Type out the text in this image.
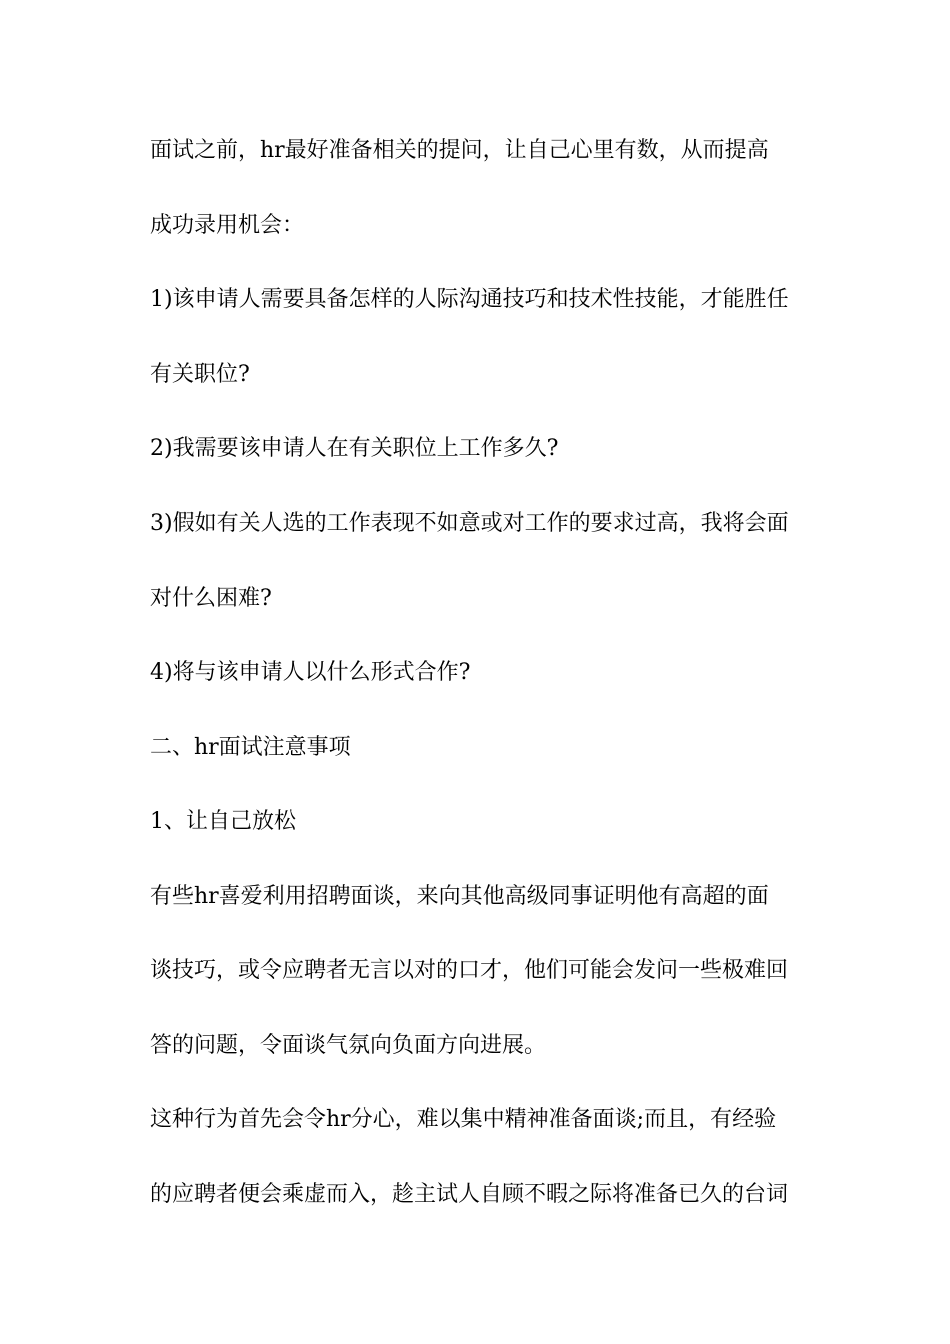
面试之前，hr最好准备相关的提问，让自己心里有数，从而提高
成功录用机会：
1)该申请人需要具备怎样的人际沟通技巧和技术性技能，才能胜任
有关职位?
2)我需要该申请人在有关职位上工作多久?
3)假如有关人选的工作表现不如意或对工作的要求过高，我将会面
对什么困难?
4)将与该申请人以什么形式合作?
二、hr面试注意事项
1、让自己放松
有些hr喜爱利用招聘面谈，来向其他高级同事证明他有高超的面
谈技巧，或令应聘者无言以对的口才，他们可能会发问一些极难回
答的问题，令面谈气氛向负面方向进展。
这种行为首先会令hr分心，难以集中精神准备面谈;而且，有经验
的应聘者便会乘虚而入，趁主试人自顾不暇之际将准备已久的台词
